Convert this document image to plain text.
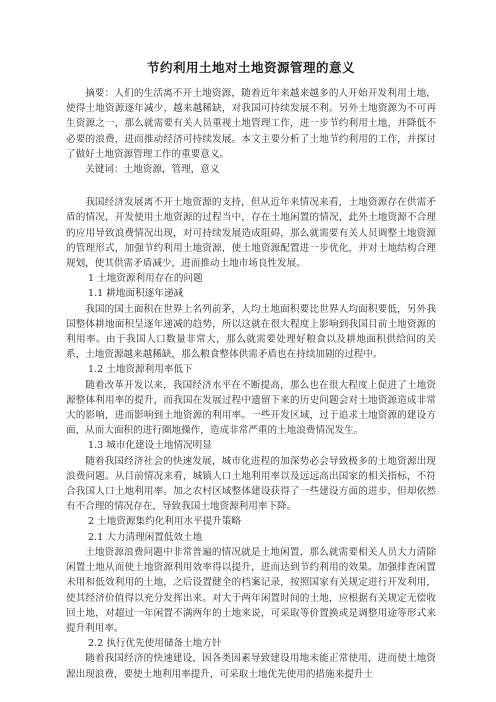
节约利用土地对土地资源管理的意义

摘要：人们的生活离不开土地资源，随着近年来越来越多的人开始开发利用土地，使得土地资源逐年减少，越来越稀缺，对我国可持续发展不利。另外土地资源为不可再生资源之一，那么就需要有关人员重视土地管理工作，进一步节约利用土地，并降低不必要的浪费，进而推动经济可持续发展。本文主要分析了土地节约利用的工作，并探讨了做好土地资源管理工作的重要意义。

关键词：土地资源，管理，意义

我国经济发展离不开土地资源的支持，但从近年来情况来看，土地资源存在供需矛盾的情况，开发使用土地资源的过程当中，存在土地闲置的情况，此外土地资源不合理的应用导致浪费情况出现，对可持续发展造成阻碍，那么就需要有关人员调整土地资源的管理形式，加强节约利用土地资源，使土地资源配置进一步优化，并对土地结构合理规划，使其供需矛盾减少，进而推动土地市场良性发展。

1 土地资源利用存在的问题

1.1 耕地面积逐年递减

我国的国土面积在世界上名列前茅，人均土地面积要比世界人均面积要低，另外我国整体耕地面积呈逐年递减的趋势，所以这就在很大程度上影响到我国目前土地资源的利用率。由于我国人口数量非常大，那么就需要处理好粮食以及耕地面积供给间的关系，土地资源越来越稀缺，那么粮食整体供需矛盾也在持续加剧的过程中。

1.2 土地资源利用率低下

随着改革开发以来，我国经济水平在不断提高，那么也在很大程度上促进了土地资源整体利用率的提升，而我国在发展过程中遗留下来的历史问题会对土地资源造成非常大的影响，进而影响到土地资源的利用率。一些开发区域，过于追求土地资源的建设方面，从而大面积的进行圈地操作，造成非常严重的土地浪费情况发生。

1.3 城市化建设土地情况明显

随着我国经济社会的快速发展，城市化进程的加深势必会导致极多的土地资源出现浪费问题。从目前情况来看，城镇人口土地利用率以及远远高出国家的相关指标，不符合我国人口土地利用率。加之农村区域整体建设获得了一些建设方面的进步，但却依然有不合理的情况存在，导致我国土地资源利用率下降。

2 土地资源集约化利用水平提升策略

2.1 大力清理闲置低效土地

土地资源浪费问题中非常普遍的情况就是土地闲置，那么就需要相关人员大力清除闲置土地从而使土地资源利用效率得以提升，进而达到节约利用的效果。加强排查闲置未用和低效利用的土地，之后设置健全的档案记录，按照国家有关规定进行开发利用，使其经济价值得以充分发挥出来。对大于两年闲置时间的土地，应根据有关规定无偿收回土地，对超过一年闲置不满两年的土地来说，可采取等价置换或是调整用途等形式来提升利用率。

2.2 执行优先使用储备土地方针

随着我国经济的快速建设，因各类因素导致建设用地未能正常使用，进而使土地资源出现浪费，要使土地利用率提升，可采取土地优先使用的措施来提升土
